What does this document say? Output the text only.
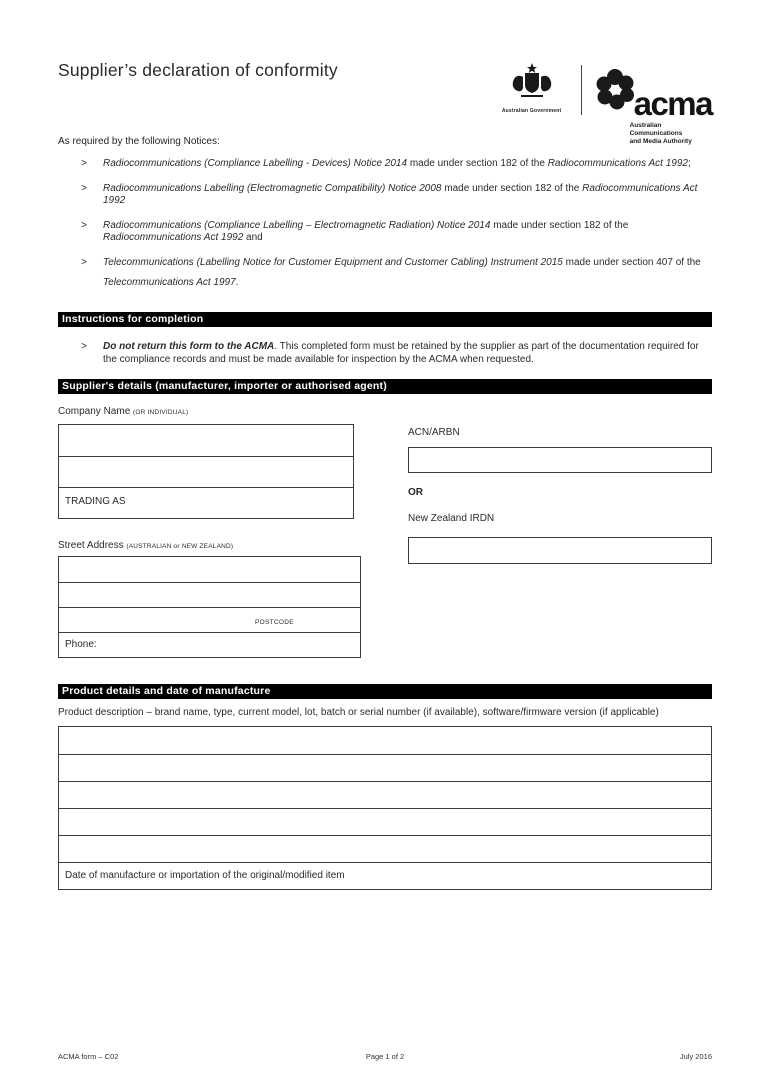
Supplier’s declaration of conformity
Australian Government acma
Australian
Communications
and Media Authority
As required by the following Notices:
> Radiocommunications (Compliance Labelling - Devices) Notice 2014 made under section 182 of the Radiocommunications Act 1992;
> Radiocommunications Labelling (Electromagnetic Compatibility) Notice 2008 made under section 182 of the Radiocommunications Act 1992
> Radiocommunications (Compliance Labelling – Electromagnetic Radiation) Notice 2014 made under section 182 of the Radiocommunications Act 1992 and
> Telecommunications (Labelling Notice for Customer Equipment and Customer Cabling) Instrument 2015 made under section 407 of the Telecommunications Act 1997.
Instructions for completion
> Do not return this form to the ACMA. This completed form must be retained by the supplier as part of the documentation required for the compliance records and must be made available for inspection by the ACMA when requested.
Supplier's details (manufacturer, importer or authorised agent)
Company Name (OR INDIVIDUAL)
TRADING AS
Street Address (AUSTRALIAN or NEW ZEALAND)
POSTCODE
Phone:
ACN/ARBN
OR
New Zealand IRDN
Product details and date of manufacture
Product description – brand name, type, current model, lot, batch or serial number (if available), software/firmware version (if applicable)
Date of manufacture or importation of the original/modified item
ACMA form – C02	Page 1 of 2	July 2016
